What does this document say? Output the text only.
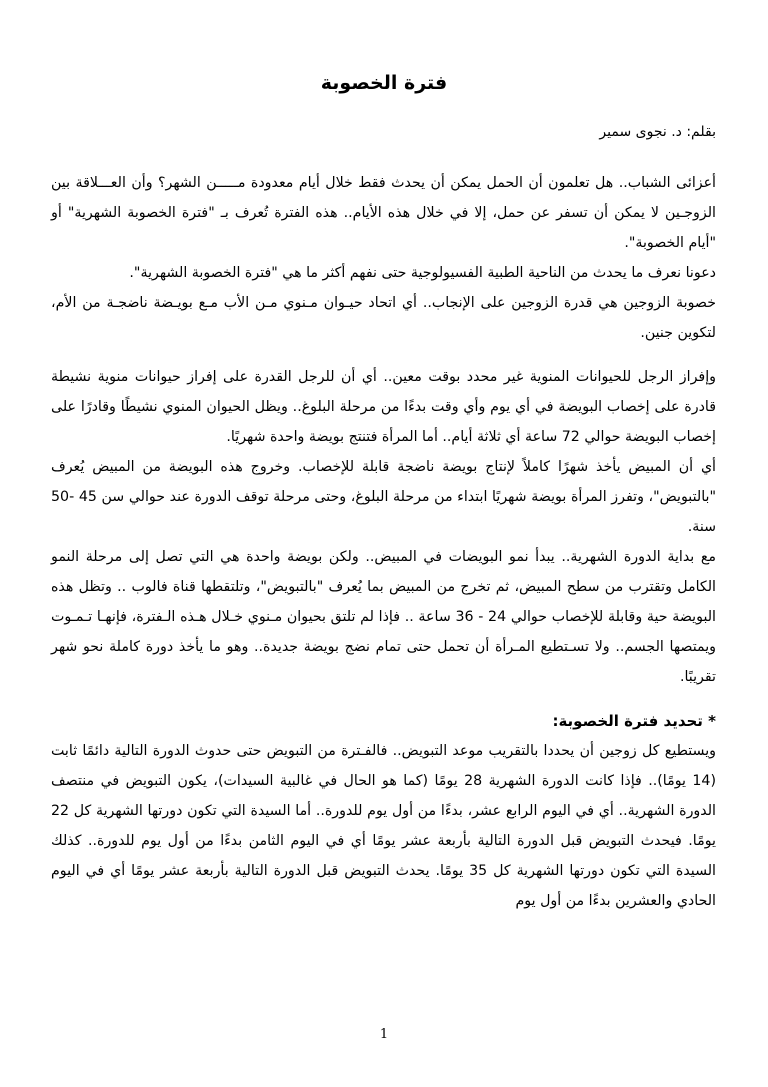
فترة الخصوبة
بقلم: د. نجوى سمير

أعزائى الشباب.. هل تعلمون أن الحمل يمكن أن يحدث فقط خلال أيام معدودة مـــــن الشهر؟ وأن العـــلاقة بين الزوجـين لا يمكن أن تسفر عن حمل، إلا في خلال هذه الأيام.. هذه الفترة تُعرف بـ "فترة الخصوبة الشهرية" أو "أيام الخصوبة".

دعونا نعرف ما يحدث من الناحية الطبية الفسيولوجية حتى نفهم أكثر ما هي "فترة الخصوبة الشهرية".

خصوبة الزوجين هي قدرة الزوجين على الإنجاب.. أي اتحاد حيـوان مـنوي مـن الأب مـع بويـضة ناضجـة من الأم، لتكوين جنين.

وإفراز الرجل للحيوانات المنوية غير محدد بوقت معين.. أي أن للرجل القدرة على إفراز حيوانات منوية نشيطة قادرة على إخصاب البويضة في أي يوم وأي وقت بدءًا من مرحلة البلوغ.. ويظل الحيوان المنوي نشيطًا وقادرًا على إخصاب البويضة حوالي 72 ساعة أي ثلاثة أيام.. أما المرأة فتنتج بويضة واحدة شهريًا.

أي أن المبيض يأخذ شهرًا كاملاً لإنتاج بويضة ناضجة قابلة للإخصاب. وخروج هذه البويضة من المبيض يُعرف "بالتبويض"، وتفرز المرأة بويضة شهريًا ابتداء من مرحلة البلوغ، وحتى مرحلة توقف الدورة عند حوالي سن 45 -50 سنة.

مع بداية الدورة الشهرية.. يبدأ نمو البويضات في المبيض.. ولكن بويضة واحدة هي التي تصل إلى مرحلة النمو الكامل وتقترب من سطح المبيض، ثم تخرج من المبيض بما يُعرف "بالتبويض"، وتلتقطها قناة فالوب .. وتظل هذه البويضة حية وقابلة للإخصاب حوالي 24 - 36 ساعة .. فإذا لم تلتق بحيوان مـنوي خـلال هـذه الـفترة، فإنهـا تـمـوت ويمتصها الجسم.. ولا تسـتطيع المـرأة أن تحمل حتى تمام نضج بويضة جديدة.. وهو ما يأخذ دورة كاملة نحو شهر تقريبًا.

* تحديد فترة الخصوبة:

ويستطيع كل زوجين أن يحددا بالتقريب موعد التبويض.. فالفـترة من التبويض حتى حدوث الدورة التالية دائمًا ثابت (14 يومًا).. فإذا كانت الدورة الشهرية 28 يومًا (كما هو الحال في غالبية السيدات)، يكون التبويض في منتصف الدورة الشهرية.. أي في اليوم الرابع عشر، بدءًا من أول يوم للدورة.. أما السيدة التي تكون دورتها الشهرية كل 22 يومًا. فيحدث التبويض قبل الدورة التالية بأربعة عشر يومًا أي في اليوم الثامن بدءًا من أول يوم للدورة.. كذلك السيدة التي تكون دورتها الشهرية كل 35 يومًا. يحدث التبويض قبل الدورة التالية بأربعة عشر يومًا أي في اليوم الحادي والعشرين بدءًا من أول يوم

1
